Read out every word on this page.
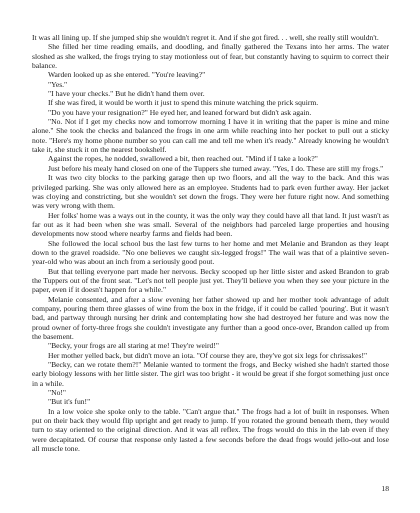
It was all lining up. If she jumped ship she wouldn't regret it. And if she got fired. . . well, she really still wouldn't.

She filled her time reading emails, and doodling, and finally gathered the Texans into her arms. The water sloshed as she walked, the frogs trying to stay motionless out of fear, but constantly having to squirm to correct their balance.

Warden looked up as she entered. "You're leaving?"

"Yes."

"I have your checks." But he didn't hand them over.

If she was fired, it would be worth it just to spend this minute watching the prick squirm.

"Do you have your resignation?" He eyed her, and leaned forward but didn't ask again.

"No. Not if I get my checks now and tomorrow morning I have it in writing that the paper is mine and mine alone." She took the checks and balanced the frogs in one arm while reaching into her pocket to pull out a sticky note. "Here's my home phone number so you can call me and tell me when it's ready." Already knowing he wouldn't take it, she stuck it on the nearest bookshelf.

Against the ropes, he nodded, swallowed a bit, then reached out. "Mind if I take a look?"

Just before his mealy hand closed on one of the Tuppers she turned away. "Yes, I do. These are still my frogs."

It was two city blocks to the parking garage then up two floors, and all the way to the back. And this was privileged parking. She was only allowed here as an employee. Students had to park even further away. Her jacket was cloying and constricting, but she wouldn't set down the frogs. They were her future right now. And something was very wrong with them.

Her folks' home was a ways out in the county, it was the only way they could have all that land. It just wasn't as far out as it had been when she was small. Several of the neighbors had parceled large properties and housing developments now stood where nearby farms and fields had been.

She followed the local school bus the last few turns to her home and met Melanie and Brandon as they leapt down to the gravel roadside. "No one believes we caught six-legged frogs!" The wail was that of a plaintive seven-year-old who was about an inch from a seriously good pout.

But that telling everyone part made her nervous. Becky scooped up her little sister and asked Brandon to grab the Tuppers out of the front seat. "Let's not tell people just yet. They'll believe you when they see your picture in the paper, even if it doesn't happen for a while."

Melanie consented, and after a slow evening her father showed up and her mother took advantage of adult company, pouring them three glasses of wine from the box in the fridge, if it could be called 'pouring'. But it wasn't bad, and partway through nursing her drink and contemplating how she had destroyed her future and was now the proud owner of forty-three frogs she couldn't investigate any further than a good once-over, Brandon called up from the basement.

"Becky, your frogs are all staring at me! They're weird!"

Her mother yelled back, but didn't move an iota. "Of course they are, they've got six legs for chrissakes!"

"Becky, can we rotate them?!" Melanie wanted to torment the frogs, and Becky wished she hadn't started those early biology lessons with her little sister. The girl was too bright - it would be great if she forgot something just once in a while.

"No!"

"But it's fun!"

In a low voice she spoke only to the table. "Can't argue that." The frogs had a lot of built in responses. When put on their back they would flip upright and get ready to jump. If you rotated the ground beneath them, they would turn to stay oriented to the original direction. And it was all reflex. The frogs would do this in the lab even if they were decapitated. Of course that response only lasted a few seconds before the dead frogs would jello-out and lose all muscle tone.

18
